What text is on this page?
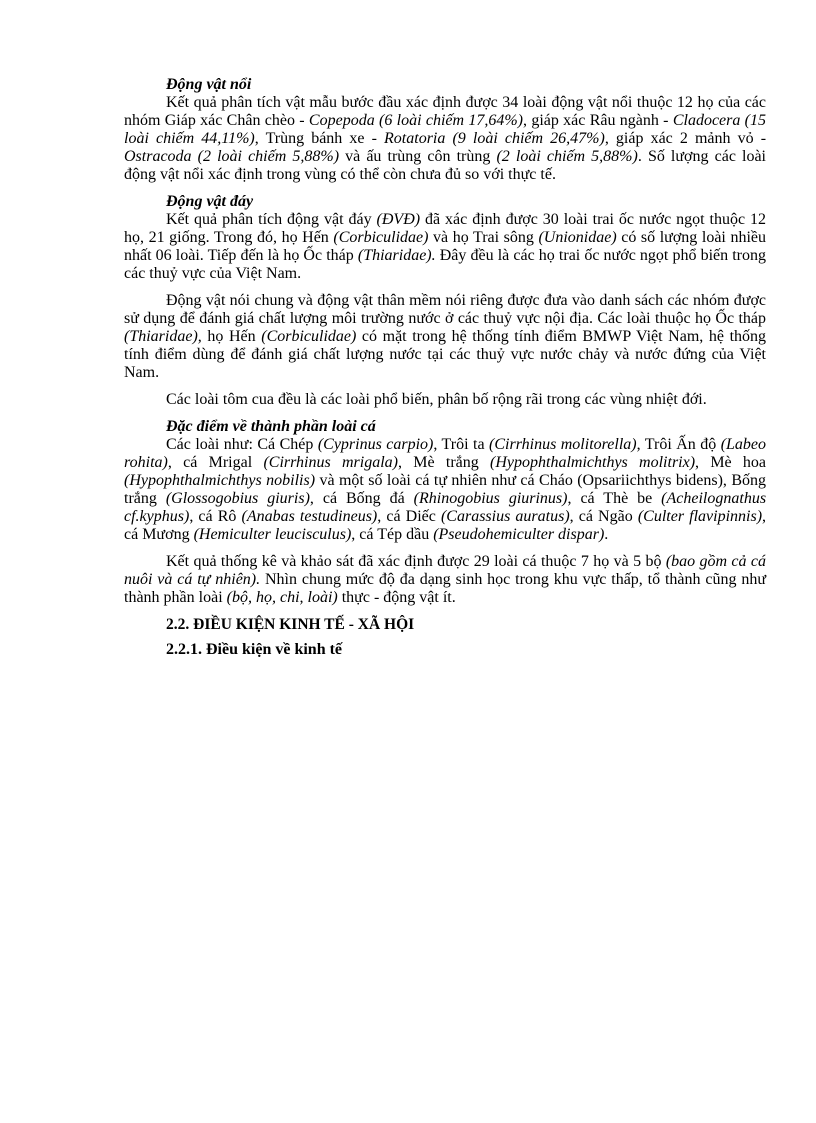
Động vật nổi

Kết quả phân tích vật mẫu bước đầu xác định được 34 loài động vật nổi thuộc 12 họ của các nhóm Giáp xác Chân chèo - Copepoda (6 loài chiếm 17,64%), giáp xác Râu ngành - Cladocera (15 loài chiếm 44,11%), Trùng bánh xe - Rotatoria (9 loài chiếm 26,47%), giáp xác 2 mảnh vỏ - Ostracoda (2 loài chiếm 5,88%) và ấu trùng côn trùng (2 loài chiếm 5,88%). Số lượng các loài động vật nổi xác định trong vùng có thể còn chưa đủ so với thực tế.

Động vật đáy

Kết quả phân tích động vật đáy (ĐVĐ) đã xác định được 30 loài trai ốc nước ngọt thuộc 12 họ, 21 giống. Trong đó, họ Hến (Corbiculidae) và họ Trai sông (Unionidae) có số lượng loài nhiều nhất 06 loài. Tiếp đến là họ Ốc tháp (Thiaridae). Đây đều là các họ trai ốc nước ngọt phổ biến trong các thuỷ vực của Việt Nam.

Động vật nói chung và động vật thân mềm nói riêng được đưa vào danh sách các nhóm được sử dụng để đánh giá chất lượng môi trường nước ở các thuỷ vực nội địa. Các loài thuộc họ Ốc tháp (Thiaridae), họ Hến (Corbiculidae) có mặt trong hệ thống tính điểm BMWP Việt Nam, hệ thống tính điểm dùng để đánh giá chất lượng nước tại các thuỷ vực nước chảy và nước đứng của Việt Nam.

Các loài tôm cua đều là các loài phổ biến, phân bố rộng rãi trong các vùng nhiệt đới.

Đặc điểm về thành phần loài cá

Các loài như: Cá Chép (Cyprinus carpio), Trôi ta (Cirrhinus molitorella), Trôi Ấn độ (Labeo rohita), cá Mrigal (Cirrhinus mrigala), Mè trắng (Hypophthalmichthys molitrix), Mè hoa (Hypophthalmichthys nobilis) và một số loài cá tự nhiên như cá Cháo (Opsariichthys bidens), Bống trắng (Glossogobius giuris), cá Bống đá (Rhinogobius giurinus), cá Thè be (Acheilognathus cf.kyphus), cá Rô (Anabas testudineus), cá Diếc (Carassius auratus), cá Ngão (Culter flavipinnis), cá Mương (Hemiculter leucisculus), cá Tép dầu (Pseudohemiculter dispar).

Kết quả thống kê và khảo sát đã xác định được 29 loài cá thuộc 7 họ và 5 bộ (bao gồm cả cá nuôi và cá tự nhiên). Nhìn chung mức độ đa dạng sinh học trong khu vực thấp, tổ thành cũng như thành phần loài (bộ, họ, chi, loài) thực - động vật ít.

2.2. ĐIỀU KIỆN KINH TẾ - XÃ HỘI
2.2.1. Điều kiện về kinh tế
